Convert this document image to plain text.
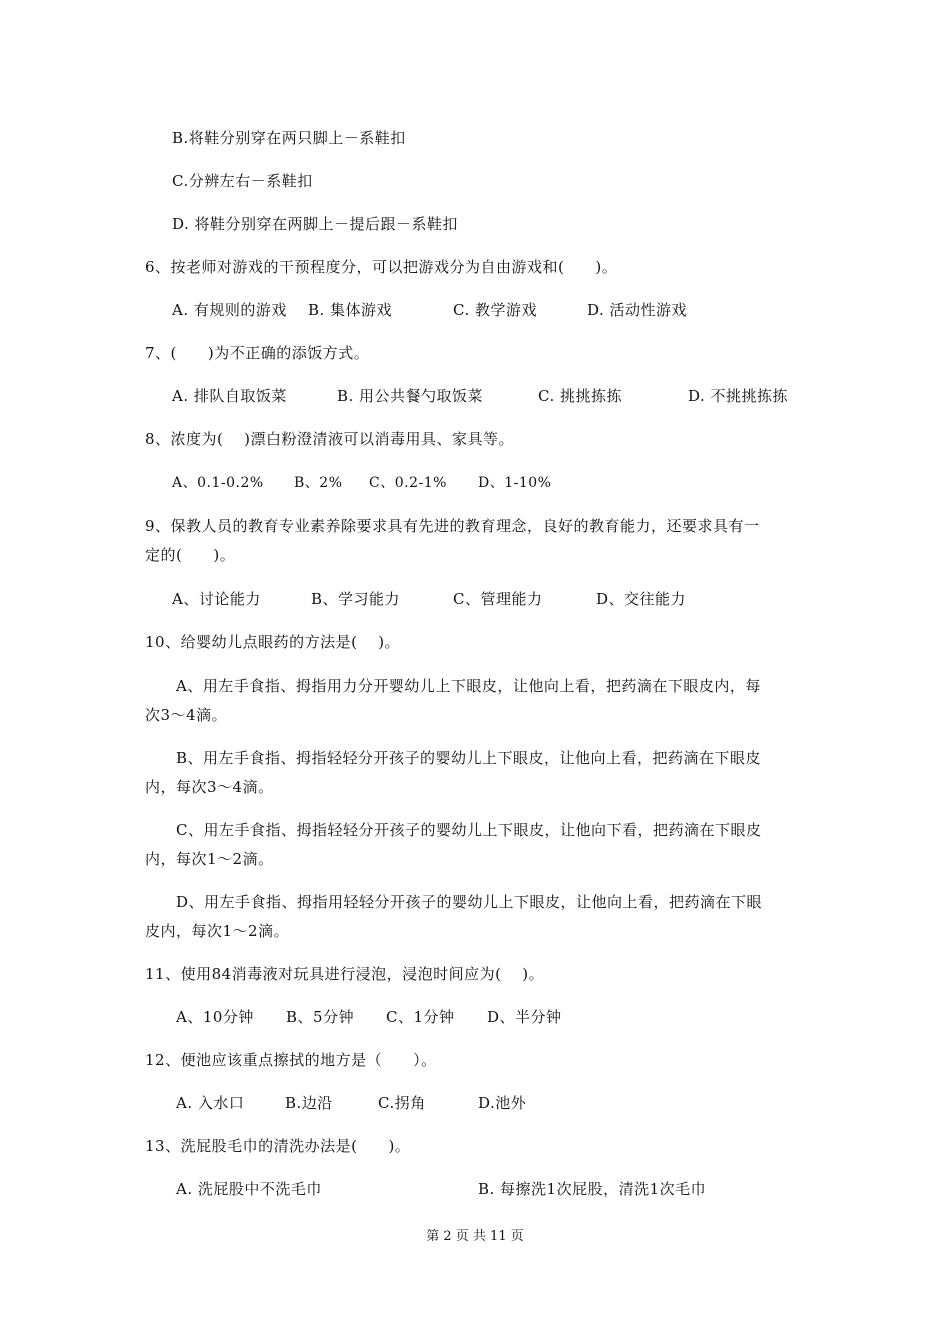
B.将鞋分别穿在两只脚上－系鞋扣
C.分辨左右－系鞋扣
D. 将鞋分别穿在两脚上－提后跟－系鞋扣
6、按老师对游戏的干预程度分，可以把游戏分为自由游戏和(　　)。
A. 有规则的游戏 B. 集体游戏	C. 教学游戏	D. 活动性游戏
7、(　　)为不正确的添饭方式。
A. 排队自取饭菜	B. 用公共餐勺取饭菜	C. 挑挑拣拣	D. 不挑挑拣拣
8、浓度为(　 )漂白粉澄清液可以消毒用具、家具等。
A、0.1-0.2% B、2% C、0.2-1% D、1-10%
9、保教人员的教育专业素养除要求具有先进的教育理念，良好的教育能力，还要求具有一
定的(　　)。
A、讨论能力	B、学习能力	C、管理能力	D、交往能力
10、给婴幼儿点眼药的方法是(　 )。
A、用左手食指、拇指用力分开婴幼儿上下眼皮，让他向上看，把药滴在下眼皮内，每
次3～4滴。
B、用左手食指、拇指轻轻分开孩子的婴幼儿上下眼皮，让他向上看，把药滴在下眼皮
内，每次3～4滴。
C、用左手食指、拇指轻轻分开孩子的婴幼儿上下眼皮，让他向下看，把药滴在下眼皮
内，每次1～2滴。
D、用左手食指、拇指用轻轻分开孩子的婴幼儿上下眼皮，让他向上看，把药滴在下眼
皮内，每次1～2滴。
11、使用84消毒液对玩具进行浸泡，浸泡时间应为(　 )。
A、10分钟 B、5分钟 C、1分钟 D、半分钟
12、便池应该重点擦拭的地方是（　　）。
A. 入水口	B.边沿	C.拐角	D.池外
13、洗屁股毛巾的清洗办法是(　　)。
A. 洗屁股中不洗毛巾	B. 每擦洗1次屁股，清洗1次毛巾
第 2 页 共 11 页
